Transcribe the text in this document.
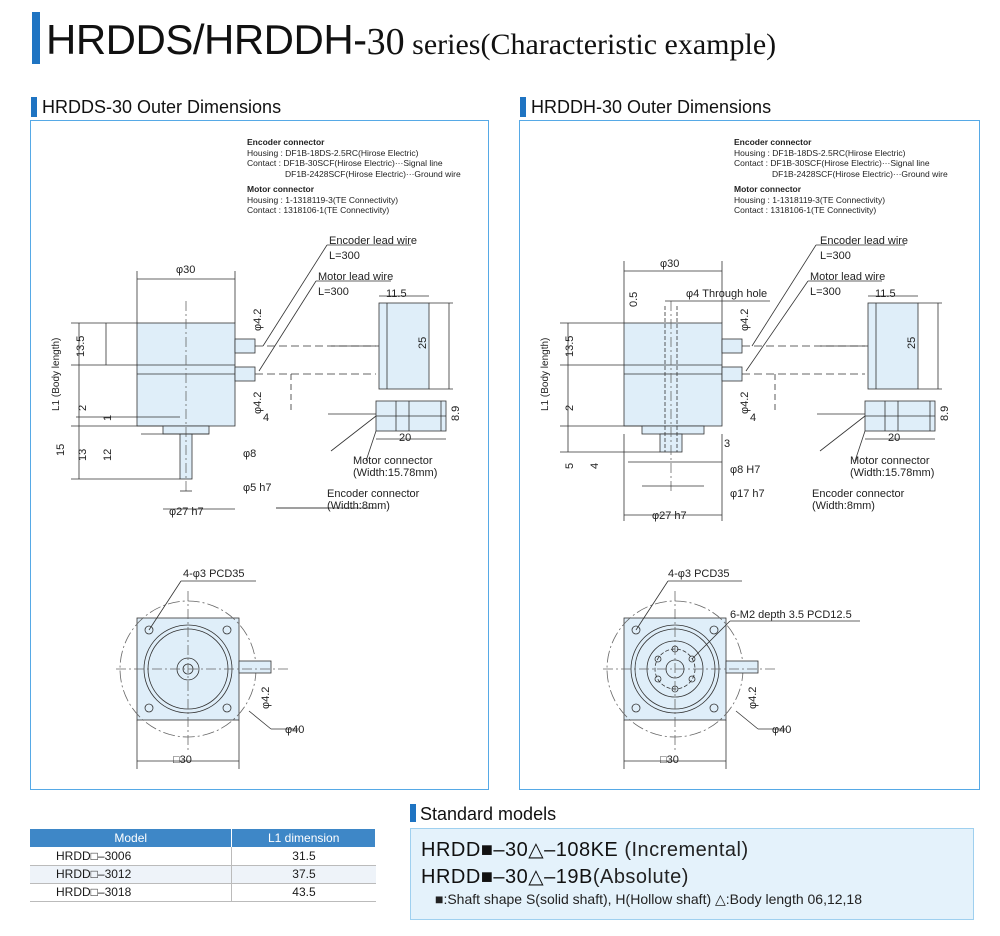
HRDDS/HRDDH-30 series(Characteristic example)
HRDDS-30 Outer Dimensions	HRDDH-30 Outer Dimensions
Encoder connector
Housing : DF1B-18DS-2.5RC(Hirose Electric)
Contact : DF1B-30SCF(Hirose Electric)···Signal line
DF1B-2428SCF(Hirose Electric)···Ground wire
Motor connector
Housing : 1-1318119-3(TE Connectivity)
Contact : 1318106-1(TE Connectivity)
φ30
Encoder lead wire
L=300
Motor lead wire
L=300	11.5
25
8.9
20
φ4.2
φ4.2
4
13.5
L1 (Body length) 2
1
15 13 12	φ8
φ5 h7
φ27 h7
Motor connector
(Width:15.78mm)
Encoder connector
(Width:8mm)
4-φ3 PCD35
φ4.2
φ40
□30
Encoder connector
Housing : DF1B-18DS-2.5RC(Hirose Electric)
Contact : DF1B-30SCF(Hirose Electric)···Signal line
DF1B-2428SCF(Hirose Electric)···Ground wire
Motor connector
Housing : 1-1318119-3(TE Connectivity)
Contact : 1318106-1(TE Connectivity)
φ30
0.5	φ4 Through hole
Encoder lead wire
L=300
Motor lead wire
L=300	11.5
25
8.9
20
φ4.2
φ4.2
4
3
13.5
L1 (Body length) 2
5 4	φ8 H7
φ17 h7
φ27 h7
Motor connector
(Width:15.78mm)
Encoder connector
(Width:8mm)
4-φ3 PCD35
6-M2 depth 3.5 PCD12.5
φ4.2
φ40
□30
Model	L1 dimension
HRDD□–3006	31.5
HRDD□–3012	37.5
HRDD□–3018	43.5
Standard models
HRDD■–30△–108KE (Incremental)
HRDD■–30△–19B(Absolute)
■:Shaft shape S(solid shaft), H(Hollow shaft) △:Body length 06,12,18
